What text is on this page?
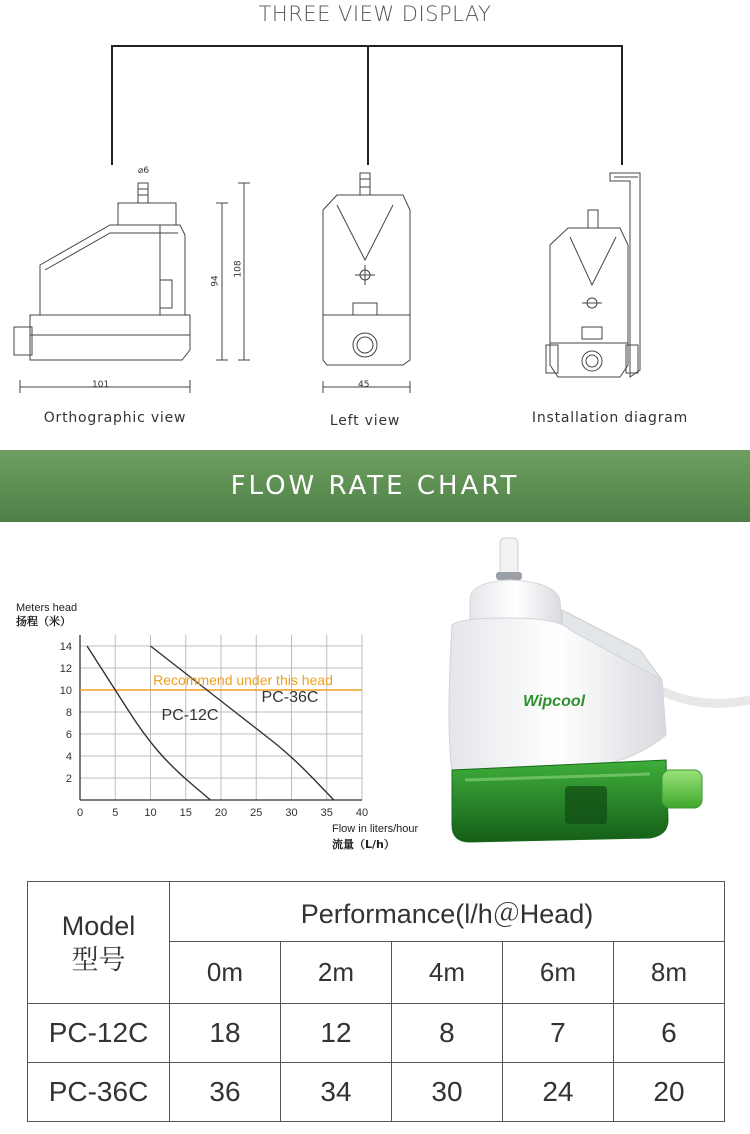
THREE VIEW DISPLAY
⌀6
94
108
101	45
Orthographic view	Left view	Installation diagram
FLOW RATE CHART
0	5 10 15 20 25 30 35 40
2
4
6
8
10
12
14
Recommend under this head
PC-12C
PC-36C
Meters head
扬程（米）
Flow in liters/hour
流量（L/h）
Wipcool
Model
型号	Performance(l/h＠Head)				
	0m	2m	4m	6m	8m
PC-12C	18	12	8	7	6
PC-36C	36	34	30	24	20
